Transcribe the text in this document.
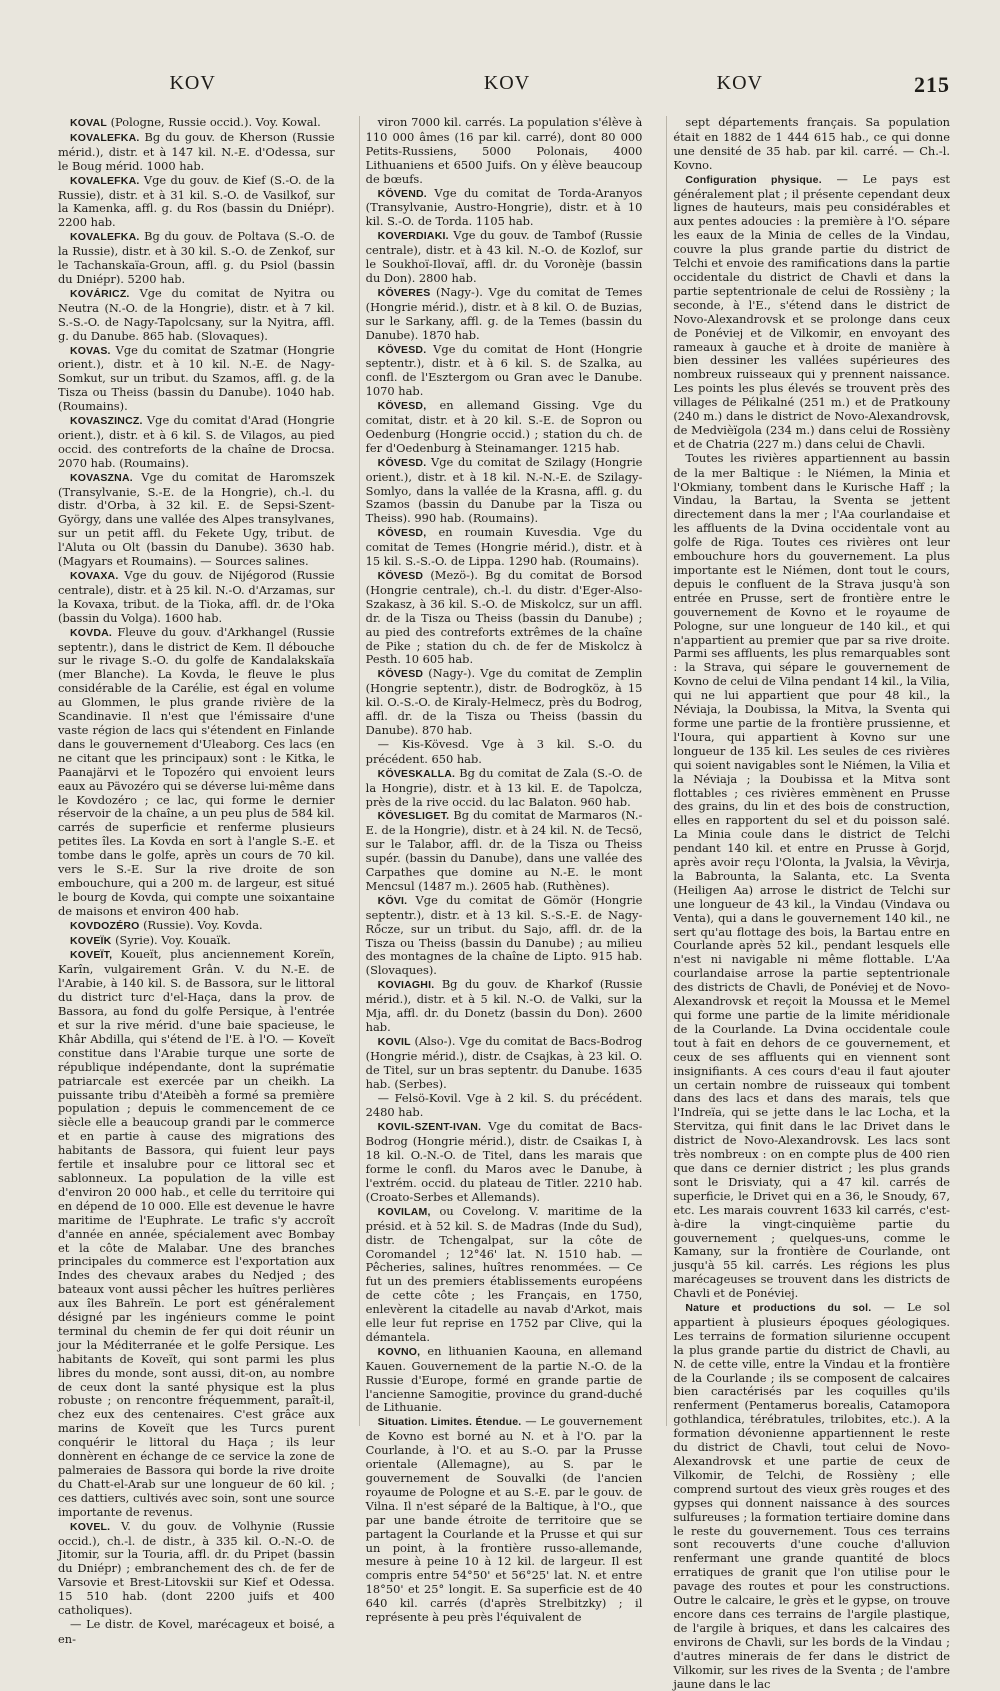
KOV	KOV	KOV	215

KOVAL (Pologne, Russie occid.). Voy. Kowal.

KOVALEFKA. Bg du gouv. de Kherson (Russie mérid.), distr. et à 147 kil. N.-E. d'Odessa, sur le Boug mérid. 1000 hab.

KOVALEFKA. Vge du gouv. de Kief (S.-O. de la Russie), distr. et à 31 kil. S.-O. de Vasilkof, sur la Kamenka, affl. g. du Ros (bassin du Dniépr). 2200 hab.

KOVALEFKA. Bg du gouv. de Poltava (S.-O. de la Russie), distr. et à 30 kil. S.-O. de Zenkof, sur le Tachanskaïa-Groun, affl. g. du Psiol (bassin du Dniépr). 5200 hab.

KOVÁRICZ. Vge du comitat de Nyitra ou Neutra (N.-O. de la Hongrie), distr. et à 7 kil. S.-S.-O. de Nagy-Tapolcsany, sur la Nyitra, affl. g. du Danube. 865 hab. (Slovaques).

KOVAS. Vge du comitat de Szatmar (Hongrie orient.), distr. et à 10 kil. N.-E. de Nagy-Somkut, sur un tribut. du Szamos, affl. g. de la Tisza ou Theiss (bassin du Danube). 1040 hab. (Roumains).

KOVASZINCZ. Vge du comitat d'Arad (Hongrie orient.), distr. et à 6 kil. S. de Vilagos, au pied occid. des contreforts de la chaîne de Drocsa. 2070 hab. (Roumains).

KOVASZNA. Vge du comitat de Haromszek (Transylvanie, S.-E. de la Hongrie), ch.-l. du distr. d'Orba, à 32 kil. E. de Sepsi-Szent-György, dans une vallée des Alpes transylvanes, sur un petit affl. du Fekete Ugy, tribut. de l'Aluta ou Olt (bassin du Danube). 3630 hab. (Magyars et Roumains). — Sources salines.

KOVAXA. Vge du gouv. de Nijégorod (Russie centrale), distr. et à 25 kil. N.-O. d'Arzamas, sur la Kovaxa, tribut. de la Tioka, affl. dr. de l'Oka (bassin du Volga). 1600 hab.

KOVDA. Fleuve du gouv. d'Arkhangel (Russie septentr.), dans le district de Kem. Il débouche sur le rivage S.-O. du golfe de Kandalakskaïa (mer Blanche). La Kovda, le fleuve le plus considérable de la Carélie, est égal en volume au Glommen, le plus grande rivière de la Scandinavie. Il n'est que l'émissaire d'une vaste région de lacs qui s'étendent en Finlande dans le gouvernement d'Uleaborg. Ces lacs (en ne citant que les principaux) sont : le Kitka, le Paanajärvi et le Topozéro qui envoient leurs eaux au Pävozéro qui se déverse lui-même dans le Kovdozéro ; ce lac, qui forme le dernier réservoir de la chaîne, a un peu plus de 584 kil. carrés de superficie et renferme plusieurs petites îles. La Kovda en sort à l'angle S.-E. et tombe dans le golfe, après un cours de 70 kil. vers le S.-E. Sur la rive droite de son embouchure, qui a 200 m. de largeur, est situé le bourg de Kovda, qui compte une soixantaine de maisons et environ 400 hab.

KOVDOZÉRO (Russie). Voy. Kovda.

KOVEÏK (Syrie). Voy. Kouaïk.

KOVEÏT, Koueït, plus anciennement Koreïn, Karîn, vulgairement Grân. V. du N.-E. de l'Arabie, à 140 kil. S. de Bassora, sur le littoral du district turc d'el-Haça, dans la prov. de Bassora, au fond du golfe Persique, à l'entrée et sur la rive mérid. d'une baie spacieuse, le Khâr Abdilla, qui s'étend de l'E. à l'O. — Koveït constitue dans l'Arabie turque une sorte de république indépendante, dont la suprématie patriarcale est exercée par un cheikh. La puissante tribu d'Ateibèh a formé sa première population ; depuis le commencement de ce siècle elle a beaucoup grandi par le commerce et en partie à cause des migrations des habitants de Bassora, qui fuient leur pays fertile et insalubre pour ce littoral sec et sablonneux. La population de la ville est d'environ 20 000 hab., et celle du territoire qui en dépend de 10 000. Elle est devenue le havre maritime de l'Euphrate. Le trafic s'y accroît d'année en année, spécialement avec Bombay et la côte de Malabar. Une des branches principales du commerce est l'exportation aux Indes des chevaux arabes du Nedjed ; des bateaux vont aussi pêcher les huîtres perlières aux îles Bahreïn. Le port est généralement désigné par les ingénieurs comme le point terminal du chemin de fer qui doit réunir un jour la Méditerranée et le golfe Persique. Les habitants de Koveït, qui sont parmi les plus libres du monde, sont aussi, dit-on, au nombre de ceux dont la santé physique est la plus robuste ; on rencontre fréquemment, paraît-il, chez eux des centenaires. C'est grâce aux marins de Koveït que les Turcs purent conquérir le littoral du Haça ; ils leur donnèrent en échange de ce service la zone de palmeraies de Bassora qui borde la rive droite du Chatt-el-Arab sur une longueur de 60 kil. ; ces dattiers, cultivés avec soin, sont une source importante de revenus.

KOVEL. V. du gouv. de Volhynie (Russie occid.), ch.-l. de distr., à 335 kil. O.-N.-O. de Jitomir, sur la Touria, affl. dr. du Pripet (bassin du Dniépr) ; embranchement des ch. de fer de Varsovie et Brest-Litovskii sur Kief et Odessa. 15 510 hab. (dont 2200 juifs et 400 catholiques).

— Le distr. de Kovel, marécageux et boisé, a en-

viron 7000 kil. carrés. La population s'élève à 110 000 âmes (16 par kil. carré), dont 80 000 Petits-Russiens, 5000 Polonais, 4000 Lithuaniens et 6500 Juifs. On y élève beaucoup de bœufs.

KÖVEND. Vge du comitat de Torda-Aranyos (Transylvanie, Austro-Hongrie), distr. et à 10 kil. S.-O. de Torda. 1105 hab.

KOVERDIAKI. Vge du gouv. de Tambof (Russie centrale), distr. et à 43 kil. N.-O. de Kozlof, sur le Soukhoï-Ilovaï, affl. dr. du Voronèje (bassin du Don). 2800 hab.

KÖVERES (Nagy-). Vge du comitat de Temes (Hongrie mérid.), distr. et à 8 kil. O. de Buzias, sur le Sarkany, affl. g. de la Temes (bassin du Danube). 1870 hab.

KÖVESD. Vge du comitat de Hont (Hongrie septentr.), distr. et à 6 kil. S. de Szalka, au confl. de l'Esztergom ou Gran avec le Danube. 1070 hab.

KÖVESD, en allemand Gissing. Vge du comitat, distr. et à 20 kil. S.-E. de Sopron ou Oedenburg (Hongrie occid.) ; station du ch. de fer d'Oedenburg à Steinamanger. 1215 hab.

KÖVESD. Vge du comitat de Szilagy (Hongrie orient.), distr. et à 18 kil. N.-N.-E. de Szilagy-Somlyo, dans la vallée de la Krasna, affl. g. du Szamos (bassin du Danube par la Tisza ou Theiss). 990 hab. (Roumains).

KÖVESD, en roumain Kuvesdia. Vge du comitat de Temes (Hongrie mérid.), distr. et à 15 kil. S.-S.-O. de Lippa. 1290 hab. (Roumains).

KÖVESD (Mezö-). Bg du comitat de Borsod (Hongrie centrale), ch.-l. du distr. d'Eger-Also-Szakasz, à 36 kil. S.-O. de Miskolcz, sur un affl. dr. de la Tisza ou Theiss (bassin du Danube) ; au pied des contreforts extrêmes de la chaîne de Pike ; station du ch. de fer de Miskolcz à Pesth. 10 605 hab.

KÖVESD (Nagy-). Vge du comitat de Zemplin (Hongrie septentr.), distr. de Bodrogköz, à 15 kil. O.-S.-O. de Kiraly-Helmecz, près du Bodrog, affl. dr. de la Tisza ou Theiss (bassin du Danube). 870 hab.

— Kis-Kövesd. Vge à 3 kil. S.-O. du précédent. 650 hab.

KÖVESKALLA. Bg du comitat de Zala (S.-O. de la Hongrie), distr. et à 13 kil. E. de Tapolcza, près de la rive occid. du lac Balaton. 960 hab.

KÖVESLIGET. Bg du comitat de Marmaros (N.-E. de la Hongrie), distr. et à 24 kil. N. de Tecsö, sur le Talabor, affl. dr. de la Tisza ou Theiss supér. (bassin du Danube), dans une vallée des Carpathes que domine au N.-E. le mont Mencsul (1487 m.). 2605 hab. (Ruthènes).

KÖVI. Vge du comitat de Gömör (Hongrie septentr.), distr. et à 13 kil. S.-S.-E. de Nagy-Rőcze, sur un tribut. du Sajo, affl. dr. de la Tisza ou Theiss (bassin du Danube) ; au milieu des montagnes de la chaîne de Lipto. 915 hab. (Slovaques).

KOVIAGHI. Bg du gouv. de Kharkof (Russie mérid.), distr. et à 5 kil. N.-O. de Valki, sur la Mja, affl. dr. du Donetz (bassin du Don). 2600 hab.

KOVIL (Also-). Vge du comitat de Bacs-Bodrog (Hongrie mérid.), distr. de Csajkas, à 23 kil. O. de Titel, sur un bras septentr. du Danube. 1635 hab. (Serbes).

— Felsö-Kovil. Vge à 2 kil. S. du précédent. 2480 hab.

KOVIL-SZENT-IVAN. Vge du comitat de Bacs-Bodrog (Hongrie mérid.), distr. de Csaikas I, à 18 kil. O.-N.-O. de Titel, dans les marais que forme le confl. du Maros avec le Danube, à l'extrém. occid. du plateau de Titler. 2210 hab. (Croato-Serbes et Allemands).

KOVILAM, ou Covelong. V. maritime de la présid. et à 52 kil. S. de Madras (Inde du Sud), distr. de Tchengalpat, sur la côte de Coromandel ; 12°46' lat. N. 1510 hab. — Pêcheries, salines, huîtres renommées. — Ce fut un des premiers établissements européens de cette côte ; les Français, en 1750, enlevèrent la citadelle au navab d'Arkot, mais elle leur fut reprise en 1752 par Clive, qui la démantela.

KOVNO, en lithuanien Kaouna, en allemand Kauen. Gouvernement de la partie N.-O. de la Russie d'Europe, formé en grande partie de l'ancienne Samogitie, province du grand-duché de Lithuanie.

Situation. Limites. Étendue. — Le gouvernement de Kovno est borné au N. et à l'O. par la Courlande, à l'O. et au S.-O. par la Prusse orientale (Allemagne), au S. par le gouvernement de Souvalki (de l'ancien royaume de Pologne et au S.-E. par le gouv. de Vilna. Il n'est séparé de la Baltique, à l'O., que par une bande étroite de territoire que se partagent la Courlande et la Prusse et qui sur un point, à la frontière russo-allemande, mesure à peine 10 à 12 kil. de largeur. Il est compris entre 54°50' et 56°25' lat. N. et entre 18°50' et 25° longit. E. Sa superficie est de 40 640 kil. carrés (d'après Strelbitzky) ; il représente à peu près l'équivalent de

sept départements français. Sa population était en 1882 de 1 444 615 hab., ce qui donne une densité de 35 hab. par kil. carré. — Ch.-l. Kovno.

Configuration physique. — Le pays est généralement plat ; il présente cependant deux lignes de hauteurs, mais peu considérables et aux pentes adoucies : la première à l'O. sépare les eaux de la Minia de celles de la Vindau, couvre la plus grande partie du district de Telchi et envoie des ramifications dans la partie occidentale du district de Chavli et dans la partie septentrionale de celui de Rossièny ; la seconde, à l'E., s'étend dans le district de Novo-Alexandrovsk et se prolonge dans ceux de Ponéviej et de Vilkomir, en envoyant des rameaux à gauche et à droite de manière à bien dessiner les vallées supérieures des nombreux ruisseaux qui y prennent naissance. Les points les plus élevés se trouvent près des villages de Pélikalné (251 m.) et de Pratkouny (240 m.) dans le district de Novo-Alexandrovsk, de Medvièïgola (234 m.) dans celui de Rossièny et de Chatria (227 m.) dans celui de Chavli.

Toutes les rivières appartiennent au bassin de la mer Baltique : le Niémen, la Minia et l'Okmiany, tombent dans le Kurische Haff ; la Vindau, la Bartau, la Sventa se jettent directement dans la mer ; l'Aa courlandaise et les affluents de la Dvina occidentale vont au golfe de Riga. Toutes ces rivières ont leur embouchure hors du gouvernement. La plus importante est le Niémen, dont tout le cours, depuis le confluent de la Strava jusqu'à son entrée en Prusse, sert de frontière entre le gouvernement de Kovno et le royaume de Pologne, sur une longueur de 140 kil., et qui n'appartient au premier que par sa rive droite. Parmi ses affluents, les plus remarquables sont : la Strava, qui sépare le gouvernement de Kovno de celui de Vilna pendant 14 kil., la Vilia, qui ne lui appartient que pour 48 kil., la Néviaja, la Doubissa, la Mitva, la Sventa qui forme une partie de la frontière prussienne, et l'Ioura, qui appartient à Kovno sur une longueur de 135 kil. Les seules de ces rivières qui soient navigables sont le Niémen, la Vilia et la Néviaja ; la Doubissa et la Mitva sont flottables ; ces rivières emmènent en Prusse des grains, du lin et des bois de construction, elles en rapportent du sel et du poisson salé. La Minia coule dans le district de Telchi pendant 140 kil. et entre en Prusse à Gorjd, après avoir reçu l'Olonta, la Jvalsia, la Vêvirja, la Babrounta, la Salanta, etc. La Sventa (Heiligen Aa) arrose le district de Telchi sur une longueur de 43 kil., la Vindau (Vindava ou Venta), qui a dans le gouvernement 140 kil., ne sert qu'au flottage des bois, la Bartau entre en Courlande après 52 kil., pendant lesquels elle n'est ni navigable ni même flottable. L'Aa courlandaise arrose la partie septentrionale des districts de Chavli, de Ponéviej et de Novo-Alexandrovsk et reçoit la Moussa et le Memel qui forme une partie de la limite méridionale de la Courlande. La Dvina occidentale coule tout à fait en dehors de ce gouvernement, et ceux de ses affluents qui en viennent sont insignifiants. A ces cours d'eau il faut ajouter un certain nombre de ruisseaux qui tombent dans des lacs et dans des marais, tels que l'Indreïa, qui se jette dans le lac Locha, et la Stervitza, qui finit dans le lac Drivet dans le district de Novo-Alexandrovsk. Les lacs sont très nombreux : on en compte plus de 400 rien que dans ce dernier district ; les plus grands sont le Drisviaty, qui a 47 kil. carrés de superficie, le Drivet qui en a 36, le Snoudy, 67, etc. Les marais couvrent 1633 kil carrés, c'est-à-dire la vingt-cinquième partie du gouvernement ; quelques-uns, comme le Kamany, sur la frontière de Courlande, ont jusqu'à 55 kil. carrés. Les régions les plus marécageuses se trouvent dans les districts de Chavli et de Ponéviej.

Nature et productions du sol. — Le sol appartient à plusieurs époques géologiques. Les terrains de formation silurienne occupent la plus grande partie du district de Chavli, au N. de cette ville, entre la Vindau et la frontière de la Courlande ; ils se composent de calcaires bien caractérisés par les coquilles qu'ils renferment (Pentamerus borealis, Catamopora gothlandica, térébratules, trilobites, etc.). A la formation dévonienne appartiennent le reste du district de Chavli, tout celui de Novo-Alexandrovsk et une partie de ceux de Vilkomir, de Telchi, de Rossièny ; elle comprend surtout des vieux grès rouges et des gypses qui donnent naissance à des sources sulfureuses ; la formation tertiaire domine dans le reste du gouvernement. Tous ces terrains sont recouverts d'une couche d'alluvion renfermant une grande quantité de blocs erratiques de granit que l'on utilise pour le pavage des routes et pour les constructions. Outre le calcaire, le grès et le gypse, on trouve encore dans ces terrains de l'argile plastique, de l'argile à briques, et dans les calcaires des environs de Chavli, sur les bords de la Vindau ; d'autres minerais de fer dans le district de Vilkomir, sur les rives de la Sventa ; de l'ambre jaune dans le lac
